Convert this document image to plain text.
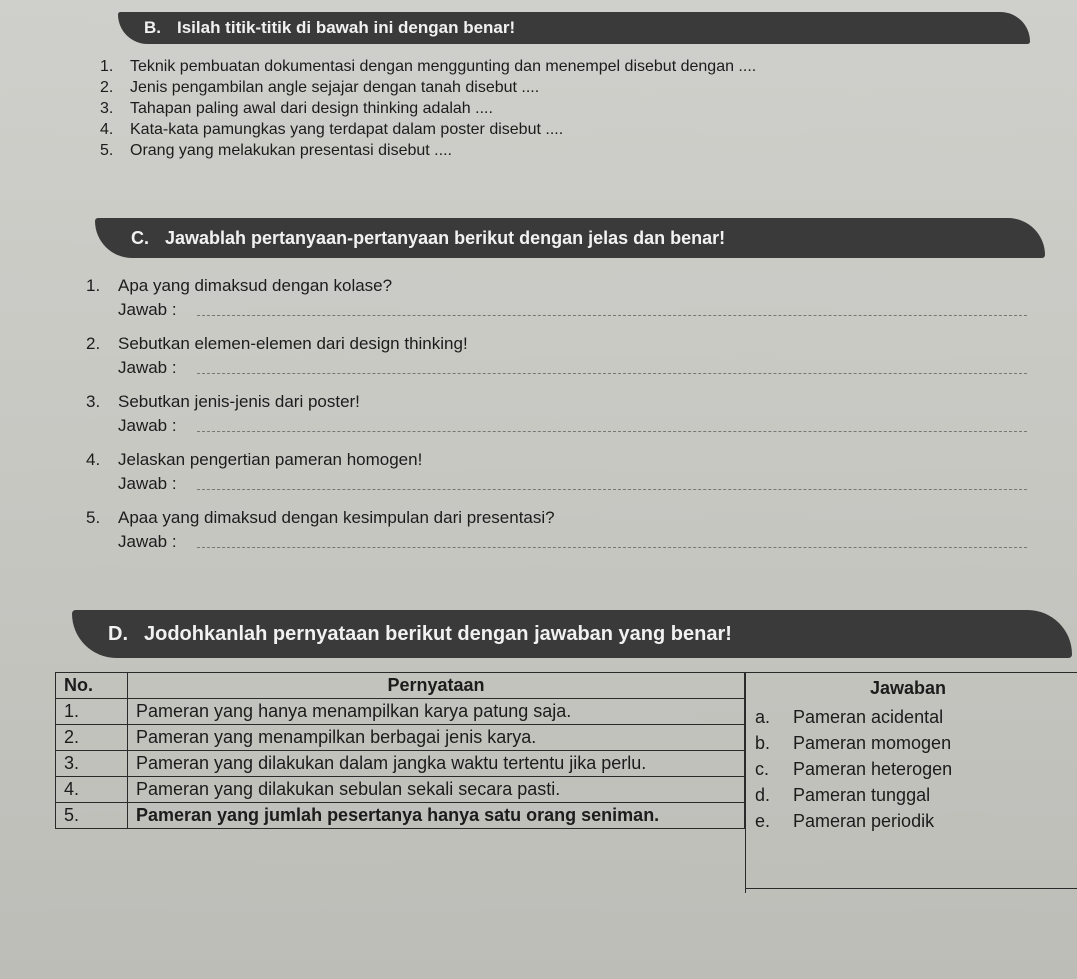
B. Isilah titik-titik di bawah ini dengan benar!
1.	Teknik pembuatan dokumentasi dengan menggunting dan menempel disebut dengan ....
2.	Jenis pengambilan angle sejajar dengan tanah disebut ....
3.	Tahapan paling awal dari design thinking adalah ....
4.	Kata-kata pamungkas yang terdapat dalam poster disebut ....
5.	Orang yang melakukan presentasi disebut ....
C. Jawablah pertanyaan-pertanyaan berikut dengan jelas dan benar!
1.	Apa yang dimaksud dengan kolase?
Jawab :
2.	Sebutkan elemen-elemen dari design thinking!
Jawab :
3.	Sebutkan jenis-jenis dari poster!
Jawab :
4.	Jelaskan pengertian pameran homogen!
Jawab :
5.	Apaa yang dimaksud dengan kesimpulan dari presentasi?
Jawab :
D. Jodohkanlah pernyataan berikut dengan jawaban yang benar!
No.	Pernyataan
1.	Pameran yang hanya menampilkan karya patung saja.
2.	Pameran yang menampilkan berbagai jenis karya.
3.	Pameran yang dilakukan dalam jangka waktu tertentu jika perlu.
4.	Pameran yang dilakukan sebulan sekali secara pasti.
5.	Pameran yang jumlah pesertanya hanya satu orang seniman.
Jawaban
a.	Pameran acidental
b.	Pameran momogen
c.	Pameran heterogen
d.	Pameran tunggal
e.	Pameran periodik
